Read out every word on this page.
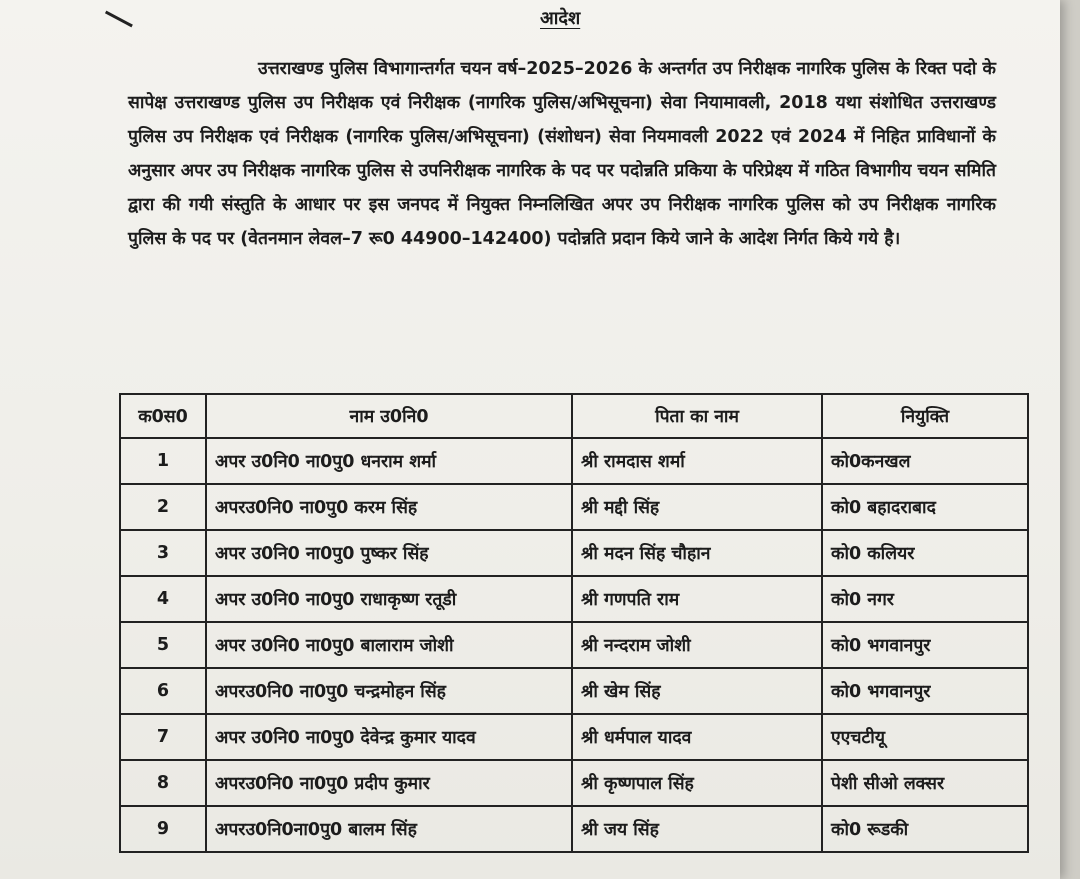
आदेश
उत्तराखण्ड पुलिस विभागान्तर्गत चयन वर्ष–2025–2026 के अन्तर्गत उप निरीक्षक नागरिक पुलिस के रिक्त पदो के सापेक्ष उत्तराखण्ड पुलिस उप निरीक्षक एवं निरीक्षक (नागरिक पुलिस/अभिसूचना) सेवा नियामावली, 2018 यथा संशोधित उत्तराखण्ड पुलिस उप निरीक्षक एवं निरीक्षक (नागरिक पुलिस/अभिसूचना) (संशोधन) सेवा नियमावली 2022 एवं 2024 में निहित प्राविधानों के अनुसार अपर उप निरीक्षक नागरिक पुलिस से उपनिरीक्षक नागरिक के पद पर पदोन्नति प्रकिया के परिप्रेक्ष्य में गठित विभागीय चयन समिति द्वारा की गयी संस्तुति के आधार पर इस जनपद में नियुक्त निम्नलिखित अपर उप निरीक्षक नागरिक पुलिस को उप निरीक्षक नागरिक पुलिस के पद पर (वेतनमान लेवल–7 रू0 44900–142400) पदोन्नति प्रदान किये जाने के आदेश निर्गत किये गये है।
क0स0	नाम उ0नि0	पिता का नाम	नियुक्ति
1	अपर उ0नि0 ना0पु0 धनराम शर्मा	श्री रामदास शर्मा	को0कनखल
2	अपरउ0नि0 ना0पु0 करम सिंह	श्री मद्दी सिंह	को0 बहादराबाद
3	अपर उ0नि0 ना0पु0 पुष्कर सिंह	श्री मदन सिंह चौहान	को0 कलियर
4	अपर उ0नि0 ना0पु0 राधाकृष्ण रतूडी	श्री गणपति राम	को0 नगर
5	अपर उ0नि0 ना0पु0 बालाराम जोशी	श्री नन्दराम जोशी	को0 भगवानपुर
6	अपरउ0नि0 ना0पु0 चन्द्रमोहन सिंह	श्री खेम सिंह	को0 भगवानपुर
7	अपर उ0नि0 ना0पु0 देवेन्द्र कुमार यादव	श्री धर्मपाल यादव	एएचटीयू
8	अपरउ0नि0 ना0पु0 प्रदीप कुमार	श्री कृष्णपाल सिंह	पेशी सीओ लक्सर
9	अपरउ0नि0ना0पु0 बालम सिंह	श्री जय सिंह	को0 रूडकी
